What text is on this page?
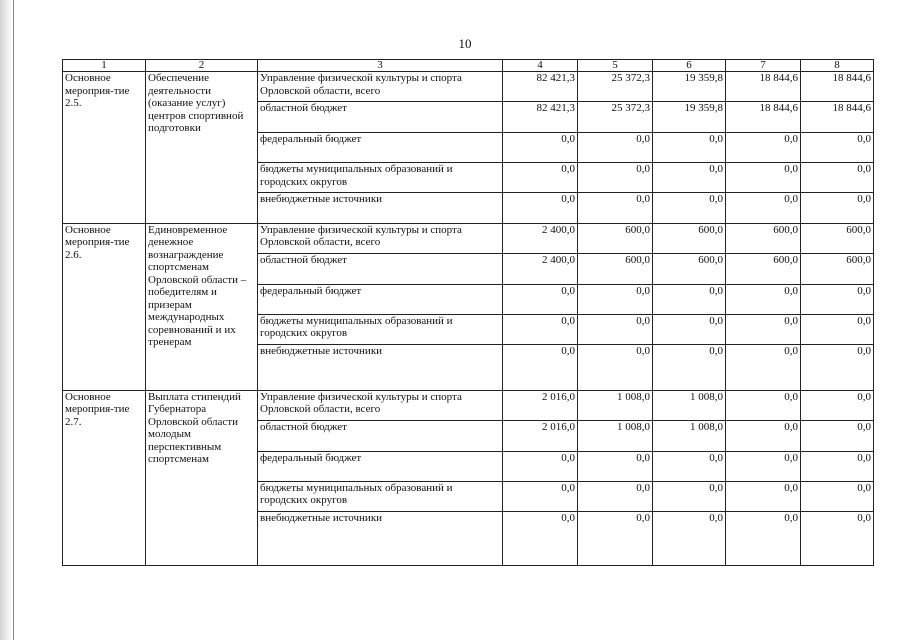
10
1	2	3	4	5	6	7	8
Основное мероприя-тие 2.5.	Обеспечение деятельности (оказание услуг) центров спортивной подготовки	Управление физической культуры и спорта Орловской области, всего	82 421,3	25 372,3	19 359,8	18 844,6	18 844,6
		областной бюджет	82 421,3	25 372,3	19 359,8	18 844,6	18 844,6
		федеральный бюджет	0,0	0,0	0,0	0,0	0,0
		бюджеты муниципальных образований и городских округов	0,0	0,0	0,0	0,0	0,0
		внебюджетные источники	0,0	0,0	0,0	0,0	0,0
Основное мероприя-тие 2.6.	Единовременное денежное вознаграждение спортсменам Орловской области – победителям и призерам международных соревнований и их тренерам	Управление физической культуры и спорта Орловской области, всего	2 400,0	600,0	600,0	600,0	600,0
		областной бюджет	2 400,0	600,0	600,0	600,0	600,0
		федеральный бюджет	0,0	0,0	0,0	0,0	0,0
		бюджеты муниципальных образований и городских округов	0,0	0,0	0,0	0,0	0,0
		внебюджетные источники	0,0	0,0	0,0	0,0	0,0
Основное мероприя-тие 2.7.	Выплата стипендий Губернатора Орловской области молодым перспективным спортсменам	Управление физической культуры и спорта Орловской области, всего	2 016,0	1 008,0	1 008,0	0,0	0,0
		областной бюджет	2 016,0	1 008,0	1 008,0	0,0	0,0
		федеральный бюджет	0,0	0,0	0,0	0,0	0,0
		бюджеты муниципальных образований и городских округов	0,0	0,0	0,0	0,0	0,0
		внебюджетные источники	0,0	0,0	0,0	0,0	0,0
